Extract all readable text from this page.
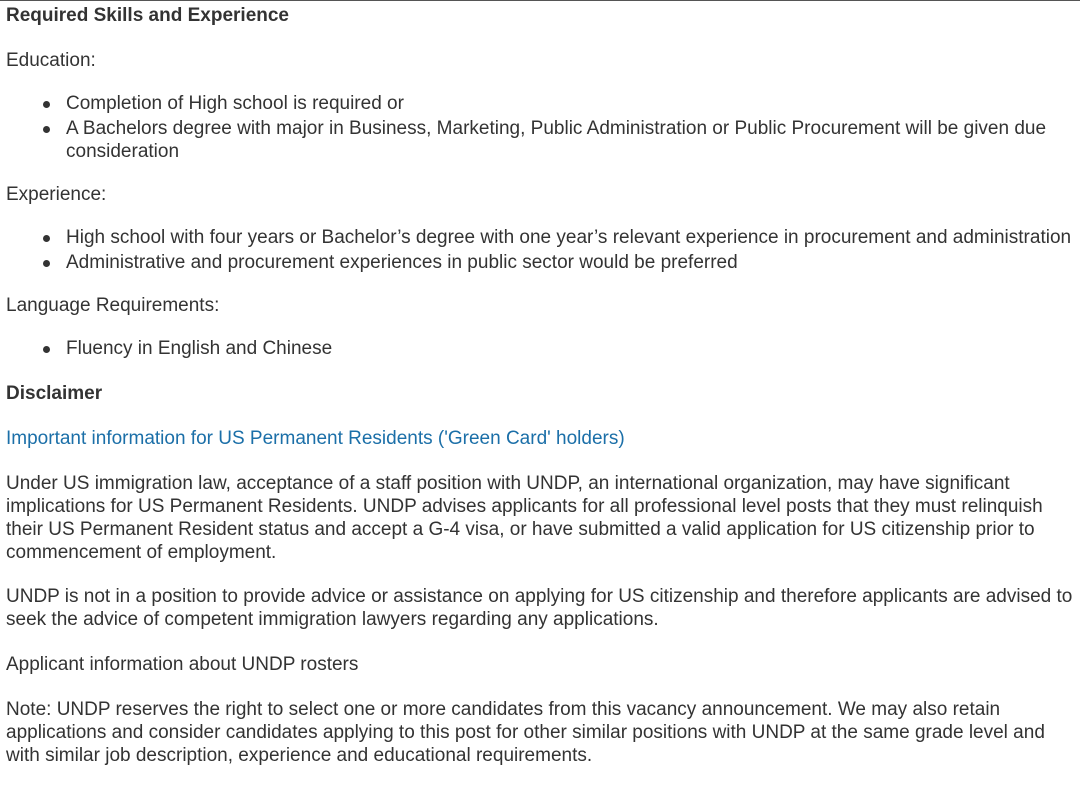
Required Skills and Experience
Education:
Completion of High school is required or
A Bachelors degree with major in Business, Marketing, Public Administration or Public Procurement will be given due consideration
Experience:
High school with four years or Bachelor’s degree with one year’s relevant experience in procurement and administration
Administrative and procurement experiences in public sector would be preferred
Language Requirements:
Fluency in English and Chinese
Disclaimer
Important information for US Permanent Residents ('Green Card' holders)
Under US immigration law, acceptance of a staff position with UNDP, an international organization, may have significant implications for US Permanent Residents. UNDP advises applicants for all professional level posts that they must relinquish their US Permanent Resident status and accept a G-4 visa, or have submitted a valid application for US citizenship prior to commencement of employment.
UNDP is not in a position to provide advice or assistance on applying for US citizenship and therefore applicants are advised to seek the advice of competent immigration lawyers regarding any applications.
Applicant information about UNDP rosters
Note: UNDP reserves the right to select one or more candidates from this vacancy announcement. We may also retain applications and consider candidates applying to this post for other similar positions with UNDP at the same grade level and with similar job description, experience and educational requirements.
